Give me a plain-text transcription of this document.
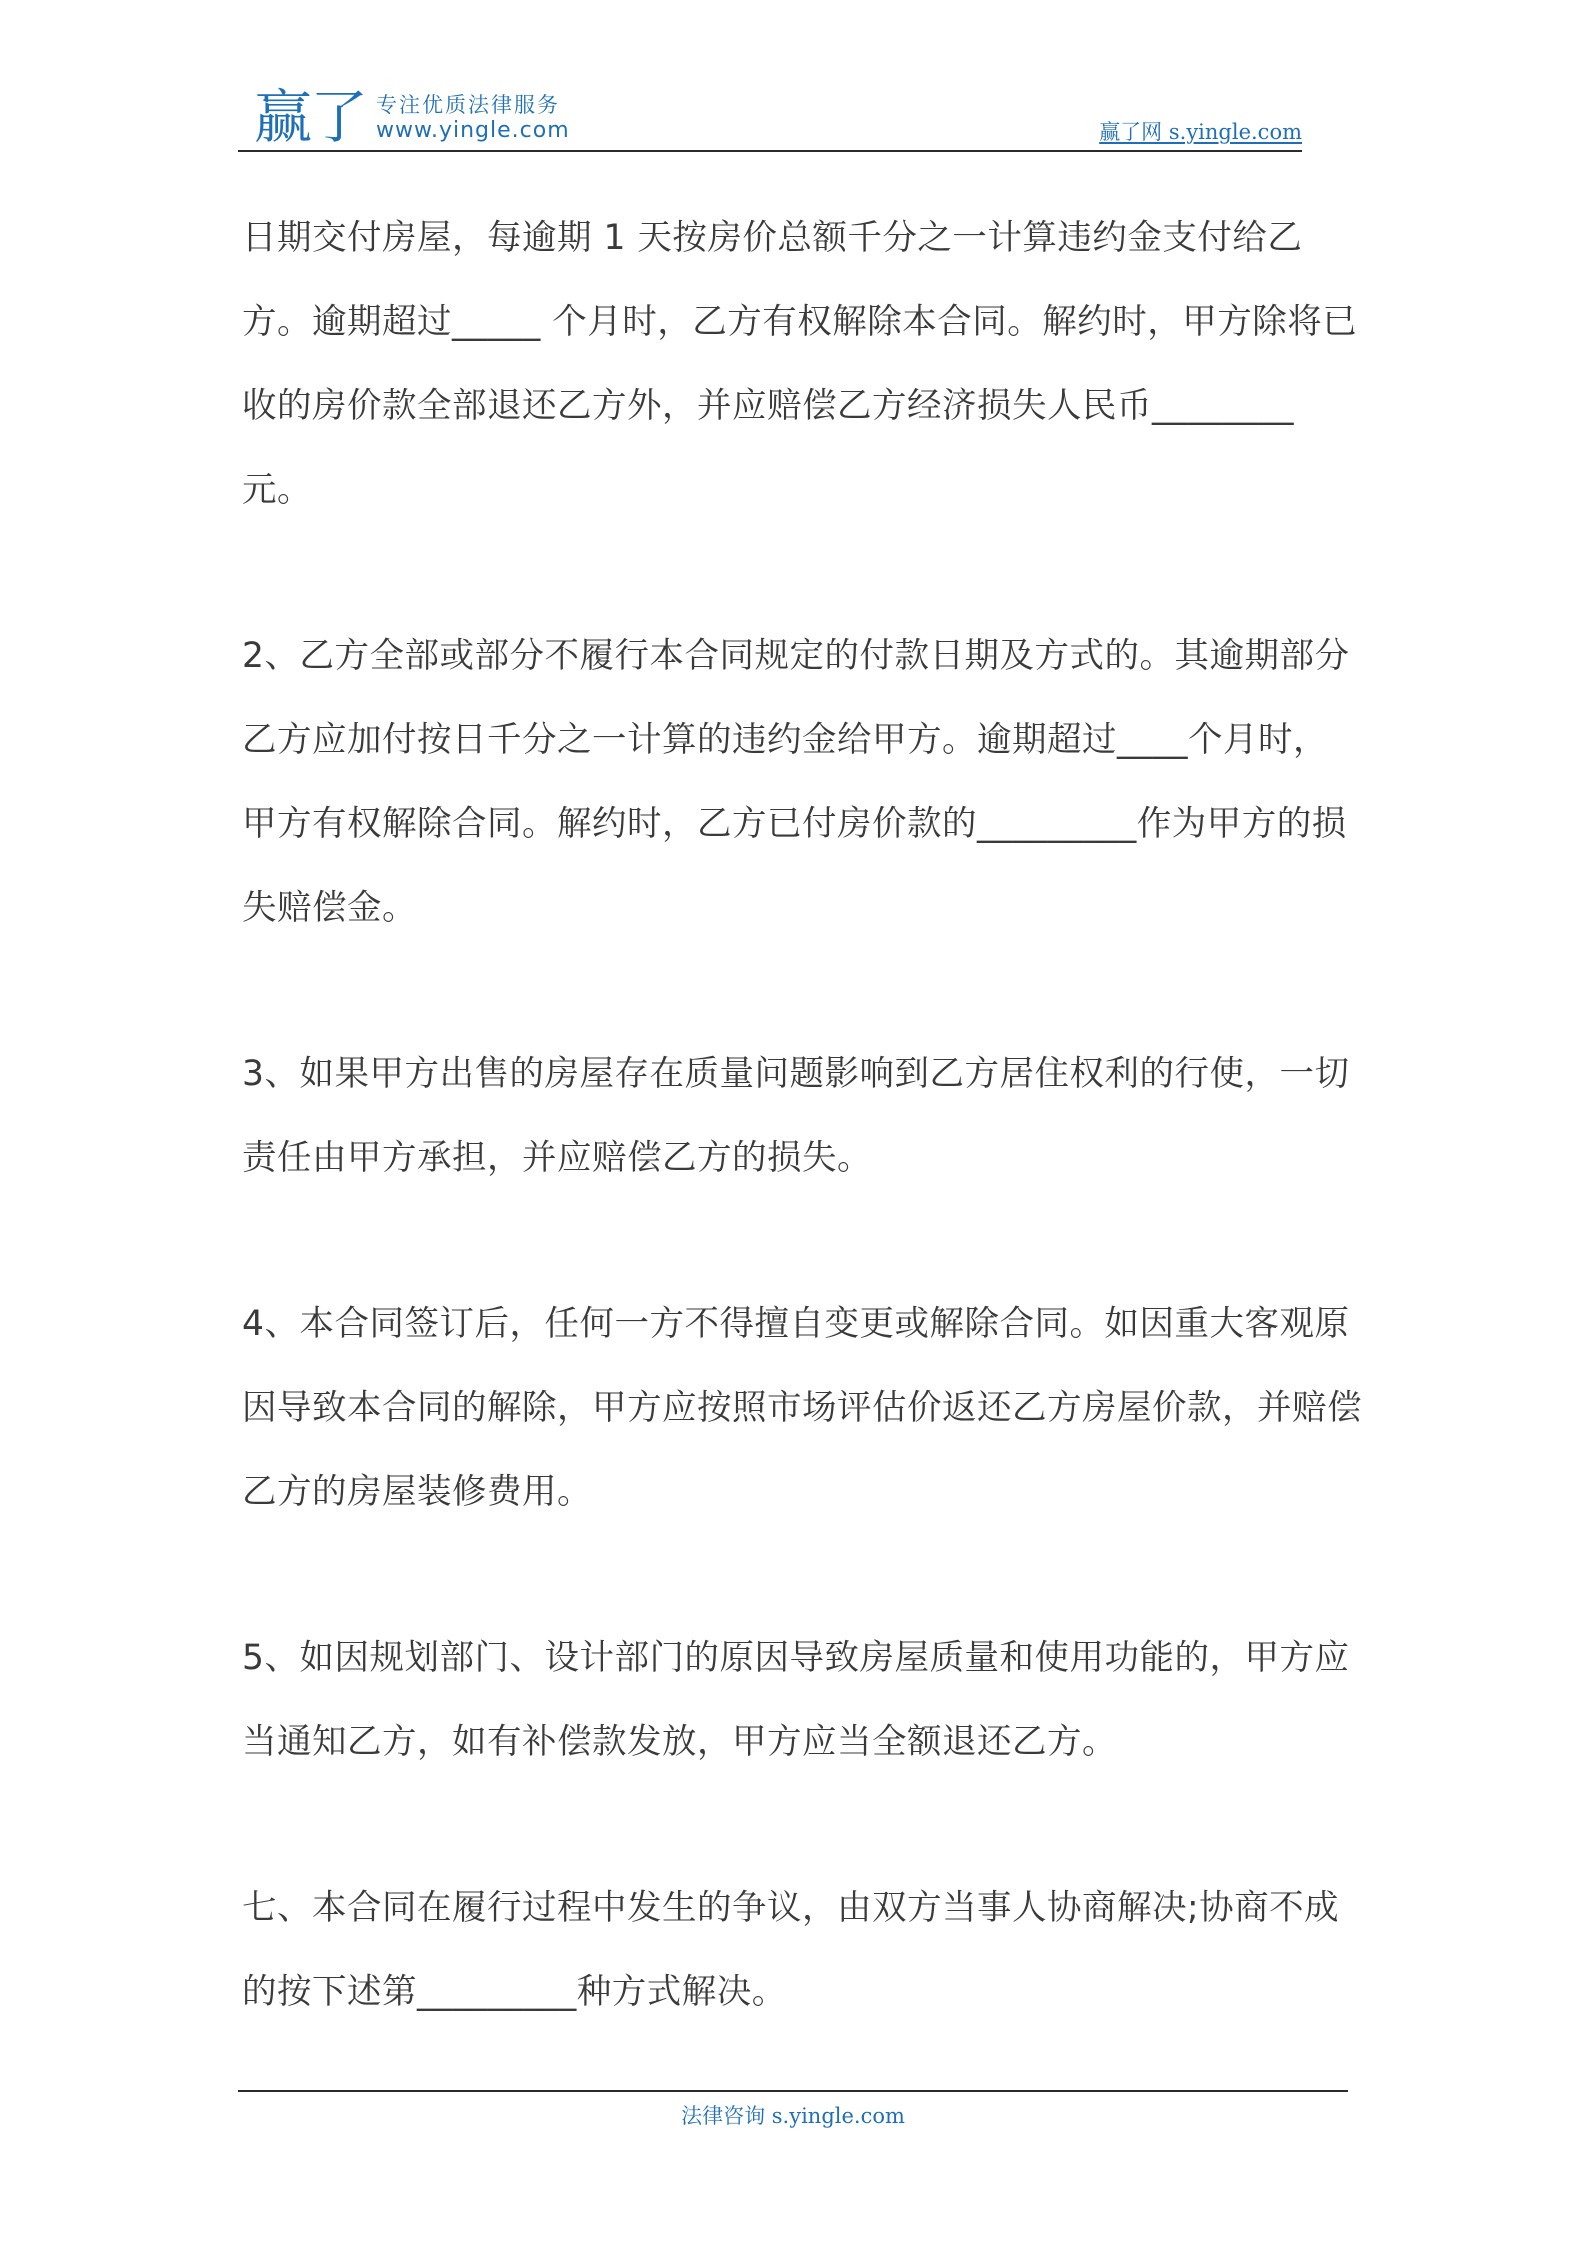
赢了 专注优质法律服务
www.yingle.com	赢了网 s.yingle.com

日期交付房屋，每逾期 1 天按房价总额千分之一计算违约金支付给乙方。逾期超过_____ 个月时，乙方有权解除本合同。解约时，甲方除将已收的房价款全部退还乙方外，并应赔偿乙方经济损失人民币________元。

2、乙方全部或部分不履行本合同规定的付款日期及方式的。其逾期部分乙方应加付按日千分之一计算的违约金给甲方。逾期超过____个月时，甲方有权解除合同。解约时，乙方已付房价款的_________作为甲方的损失赔偿金。

3、如果甲方出售的房屋存在质量问题影响到乙方居住权利的行使，一切责任由甲方承担，并应赔偿乙方的损失。

4、本合同签订后，任何一方不得擅自变更或解除合同。如因重大客观原因导致本合同的解除，甲方应按照市场评估价返还乙方房屋价款，并赔偿乙方的房屋装修费用。

5、如因规划部门、设计部门的原因导致房屋质量和使用功能的，甲方应当通知乙方，如有补偿款发放，甲方应当全额退还乙方。

七、本合同在履行过程中发生的争议，由双方当事人协商解决;协商不成的按下述第_________种方式解决。

法律咨询 s.yingle.com
